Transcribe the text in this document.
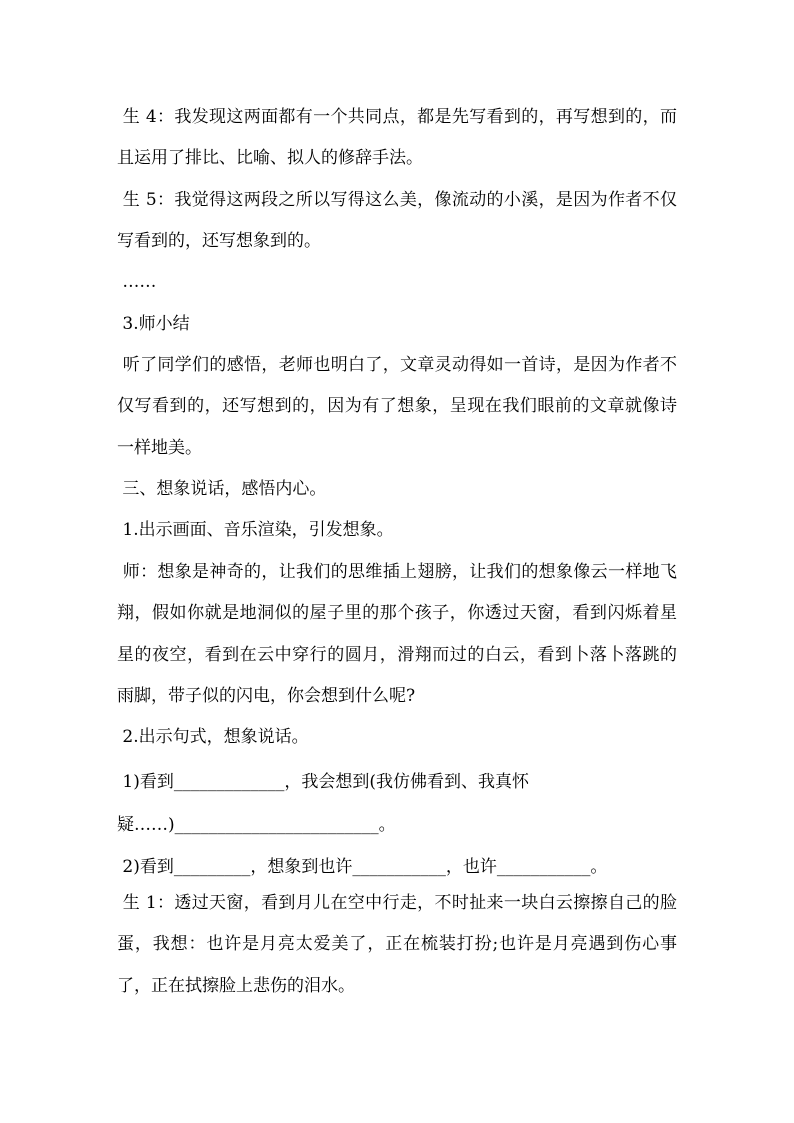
生 4：我发现这两面都有一个共同点，都是先写看到的，再写想到的，而且运用了排比、比喻、拟人的修辞手法。

生 5：我觉得这两段之所以写得这么美，像流动的小溪，是因为作者不仅写看到的，还写想象到的。

……

3.师小结

听了同学们的感悟，老师也明白了，文章灵动得如一首诗，是因为作者不仅写看到的，还写想到的，因为有了想象，呈现在我们眼前的文章就像诗一样地美。

三、想象说话，感悟内心。

1.出示画面、音乐渲染，引发想象。

师：想象是神奇的，让我们的思维插上翅膀，让我们的想象像云一样地飞翔，假如你就是地洞似的屋子里的那个孩子，你透过天窗，看到闪烁着星星的夜空，看到在云中穿行的圆月，滑翔而过的白云，看到卜落卜落跳的雨脚，带子似的闪电，你会想到什么呢?

2.出示句式，想象说话。

1)看到_____________，我会想到(我仿佛看到、我真怀

疑……)________________________。

2)看到_________，想象到也许___________，也许___________。

生 1：透过天窗，看到月儿在空中行走，不时扯来一块白云擦擦自己的脸蛋，我想：也许是月亮太爱美了，正在梳装打扮;也许是月亮遇到伤心事了，正在拭擦脸上悲伤的泪水。
